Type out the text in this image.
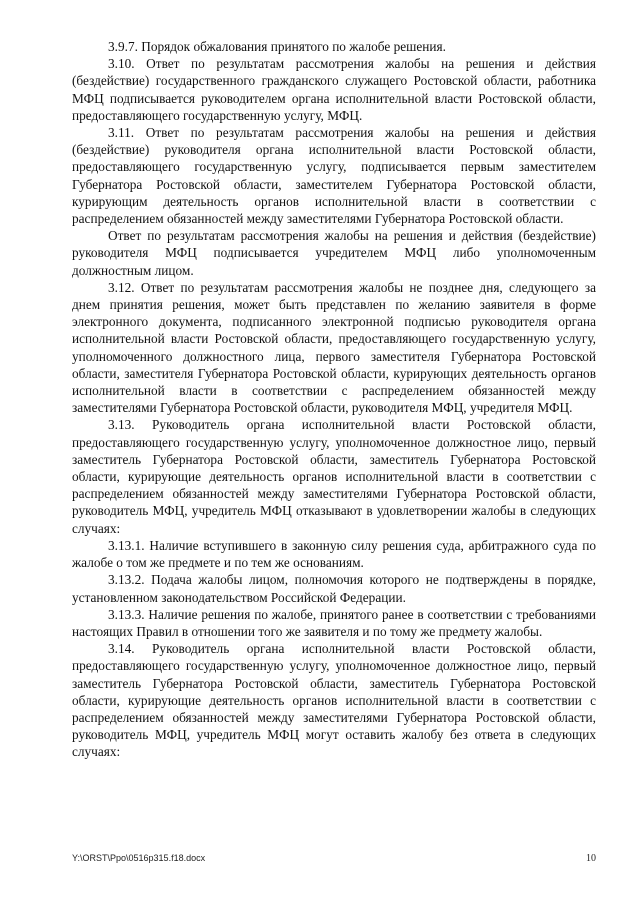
3.9.7. Порядок обжалования принятого по жалобе решения.

3.10. Ответ по результатам рассмотрения жалобы на решения и действия (бездействие) государственного гражданского служащего Ростовской области, работника МФЦ подписывается руководителем органа исполнительной власти Ростовской области, предоставляющего государственную услугу, МФЦ.

3.11. Ответ по результатам рассмотрения жалобы на решения и действия (бездействие) руководителя органа исполнительной власти Ростовской области, предоставляющего государственную услугу, подписывается первым заместителем Губернатора Ростовской области, заместителем Губернатора Ростовской области, курирующим деятельность органов исполнительной власти в соответствии с распределением обязанностей между заместителями Губернатора Ростовской области.

Ответ по результатам рассмотрения жалобы на решения и действия (бездействие) руководителя МФЦ подписывается учредителем МФЦ либо уполномоченным должностным лицом.

3.12. Ответ по результатам рассмотрения жалобы не позднее дня, следующего за днем принятия решения, может быть представлен по желанию заявителя в форме электронного документа, подписанного электронной подписью руководителя органа исполнительной власти Ростовской области, предоставляющего государственную услугу, уполномоченного должностного лица, первого заместителя Губернатора Ростовской области, заместителя Губернатора Ростовской области, курирующих деятельность органов исполнительной власти в соответствии с распределением обязанностей между заместителями Губернатора Ростовской области, руководителя МФЦ, учредителя МФЦ.

3.13. Руководитель органа исполнительной власти Ростовской области, предоставляющего государственную услугу, уполномоченное должностное лицо, первый заместитель Губернатора Ростовской области, заместитель Губернатора Ростовской области, курирующие деятельность органов исполнительной власти в соответствии с распределением обязанностей между заместителями Губернатора Ростовской области, руководитель МФЦ, учредитель МФЦ отказывают в удовлетворении жалобы в следующих случаях:

3.13.1. Наличие вступившего в законную силу решения суда, арбитражного суда по жалобе о том же предмете и по тем же основаниям.

3.13.2. Подача жалобы лицом, полномочия которого не подтверждены в порядке, установленном законодательством Российской Федерации.

3.13.3. Наличие решения по жалобе, принятого ранее в соответствии с требованиями настоящих Правил в отношении того же заявителя и по тому же предмету жалобы.

3.14. Руководитель органа исполнительной власти Ростовской области, предоставляющего государственную услугу, уполномоченное должностное лицо, первый заместитель Губернатора Ростовской области, заместитель Губернатора Ростовской области, курирующие деятельность органов исполнительной власти в соответствии с распределением обязанностей между заместителями Губернатора Ростовской области, руководитель МФЦ, учредитель МФЦ могут оставить жалобу без ответа в следующих случаях:

Y:\ORST\Ppo\0516p315.f18.docx	10
